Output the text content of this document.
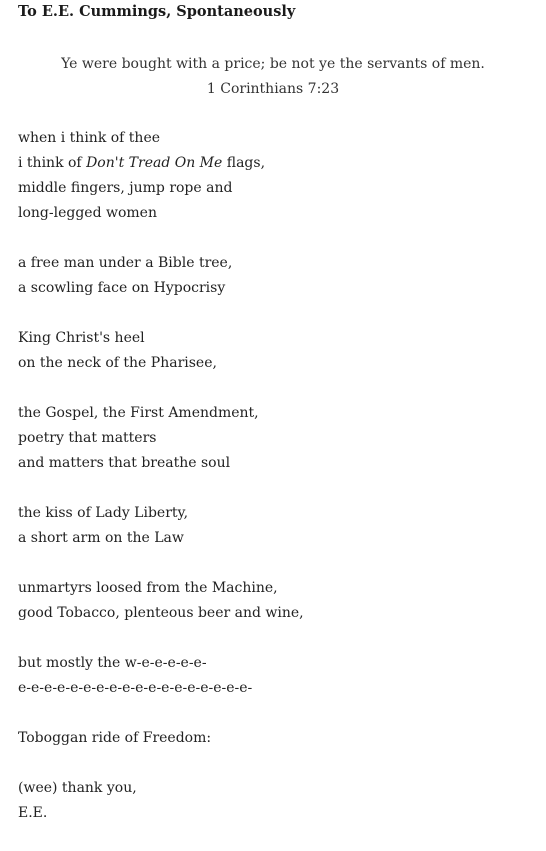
To E.E. Cummings, Spontaneously
Ye were bought with a price; be not ye the servants of men.
1 Corinthians 7:23
when i think of thee
i think of Don't Tread On Me flags,
middle fingers, jump rope and
long-legged women
a free man under a Bible tree,
a scowling face on Hypocrisy
King Christ's heel
on the neck of the Pharisee,
the Gospel, the First Amendment,
poetry that matters
and matters that breathe soul
the kiss of Lady Liberty,
a short arm on the Law
unmartyrs loosed from the Machine,
good Tobacco, plenteous beer and wine,
but mostly the w-e-e-e-e-e-
e-e-e-e-e-e-e-e-e-e-e-e-e-e-e-e-e-e-
Toboggan ride of Freedom:
(wee) thank you,
E.E.
